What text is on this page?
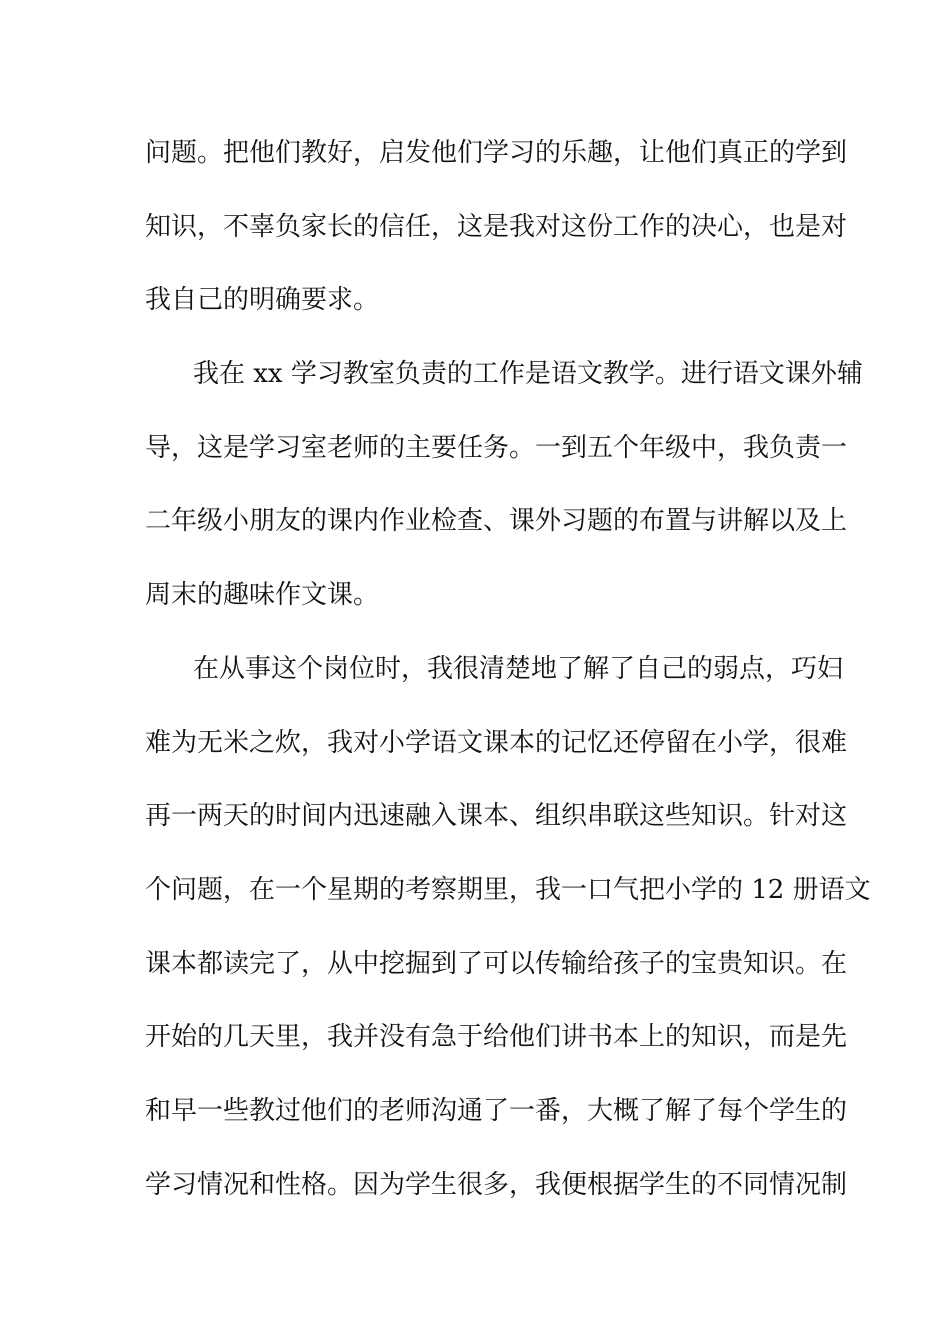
问题。把他们教好，启发他们学习的乐趣，让他们真正的学到
知识，不辜负家长的信任，这是我对这份工作的决心，也是对
我自己的明确要求。
我在 xx 学习教室负责的工作是语文教学。进行语文课外辅
导，这是学习室老师的主要任务。一到五个年级中，我负责一
二年级小朋友的课内作业检查、课外习题的布置与讲解以及上
周末的趣味作文课。
在从事这个岗位时，我很清楚地了解了自己的弱点，巧妇
难为无米之炊，我对小学语文课本的记忆还停留在小学，很难
再一两天的时间内迅速融入课本、组织串联这些知识。针对这
个问题，在一个星期的考察期里，我一口气把小学的 12 册语文
课本都读完了，从中挖掘到了可以传输给孩子的宝贵知识。在
开始的几天里，我并没有急于给他们讲书本上的知识，而是先
和早一些教过他们的老师沟通了一番，大概了解了每个学生的
学习情况和性格。因为学生很多，我便根据学生的不同情况制
